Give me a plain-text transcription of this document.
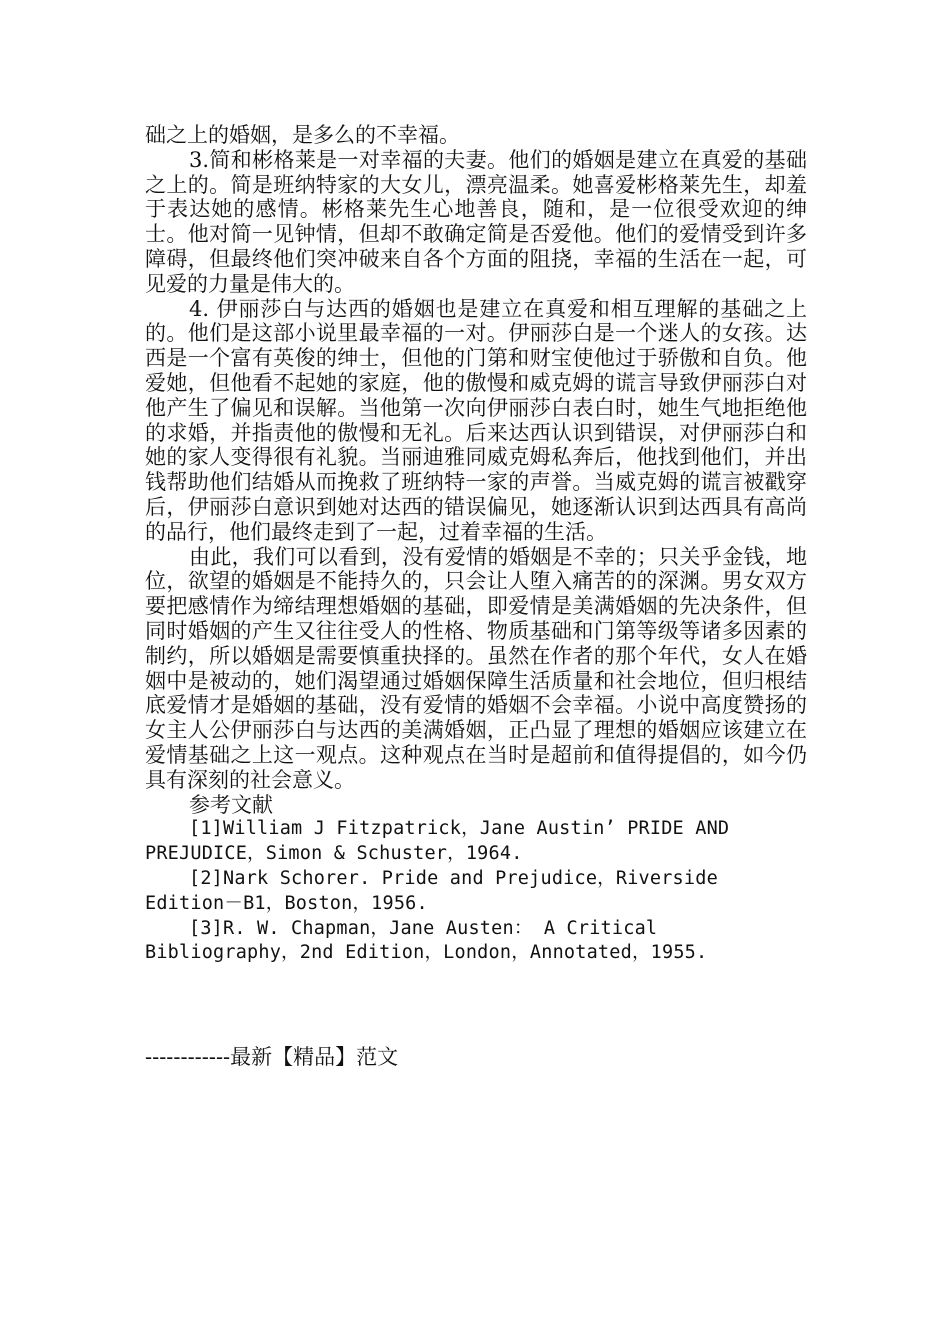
础之上的婚姻，是多么的不幸福。

3.简和彬格莱是一对幸福的夫妻。他们的婚姻是建立在真爱的基础之上的。简是班纳特家的大女儿，漂亮温柔。她喜爱彬格莱先生，却羞于表达她的感情。彬格莱先生心地善良，随和，是一位很受欢迎的绅士。他对简一见钟情，但却不敢确定简是否爱他。他们的爱情受到许多障碍，但最终他们突冲破来自各个方面的阻挠，幸福的生活在一起，可见爱的力量是伟大的。

4. 伊丽莎白与达西的婚姻也是建立在真爱和相互理解的基础之上的。他们是这部小说里最幸福的一对。伊丽莎白是一个迷人的女孩。达西是一个富有英俊的绅士，但他的门第和财宝使他过于骄傲和自负。他爱她，但他看不起她的家庭，他的傲慢和威克姆的谎言导致伊丽莎白对他产生了偏见和误解。当他第一次向伊丽莎白表白时，她生气地拒绝他的求婚，并指责他的傲慢和无礼。后来达西认识到错误，对伊丽莎白和她的家人变得很有礼貌。当丽迪雅同威克姆私奔后，他找到他们，并出钱帮助他们结婚从而挽救了班纳特一家的声誉。当威克姆的谎言被戳穿后，伊丽莎白意识到她对达西的错误偏见，她逐渐认识到达西具有高尚的品行，他们最终走到了一起，过着幸福的生活。

由此，我们可以看到，没有爱情的婚姻是不幸的；只关乎金钱，地位，欲望的婚姻是不能持久的，只会让人堕入痛苦的的深渊。男女双方要把感情作为缔结理想婚姻的基础，即爱情是美满婚姻的先决条件，但同时婚姻的产生又往往受人的性格、物质基础和门第等级等诸多因素的制约，所以婚姻是需要慎重抉择的。虽然在作者的那个年代，女人在婚姻中是被动的，她们渴望通过婚姻保障生活质量和社会地位，但归根结底爱情才是婚姻的基础，没有爱情的婚姻不会幸福。小说中高度赞扬的女主人公伊丽莎白与达西的美满婚姻，正凸显了理想的婚姻应该建立在爱情基础之上这一观点。这种观点在当时是超前和值得提倡的，如今仍具有深刻的社会意义。

参考文献

[1]William J Fitzpatrick，Jane Austin’ PRIDE AND PREJUDICE，Simon & Schuster，1964.

[2]Nark Schorer. Pride and Prejudice，Riverside Edition－B1，Boston，1956.

[3]R. W. Chapman，Jane Austen： A Critical Bibliography，2nd Edition，London，Annotated，1955.

------------最新【精品】范文
